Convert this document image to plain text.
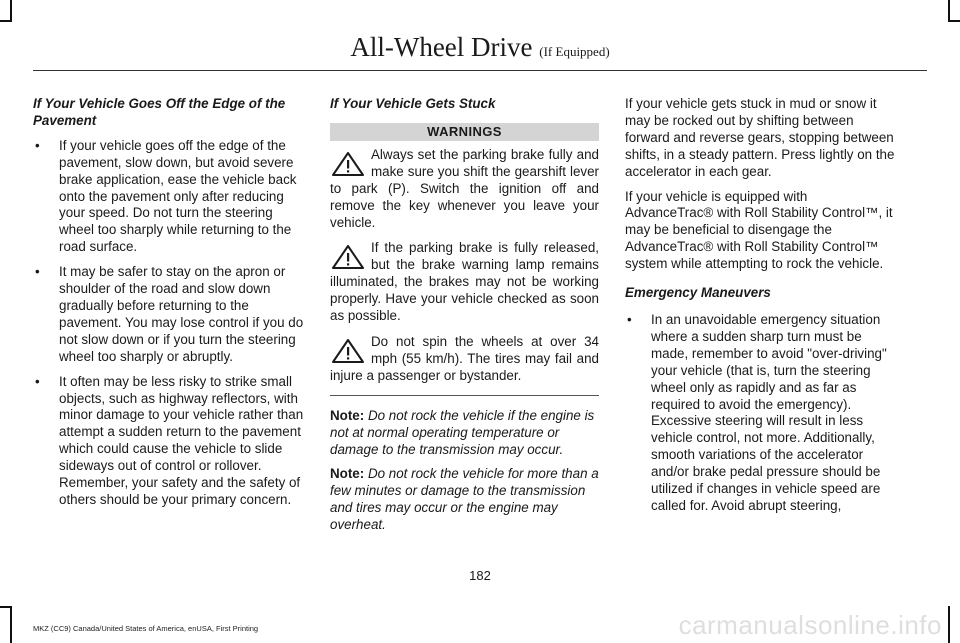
All-Wheel Drive (If Equipped)

If Your Vehicle Goes Off the Edge of the Pavement

• If your vehicle goes off the edge of the pavement, slow down, but avoid severe brake application, ease the vehicle back onto the pavement only after reducing your speed. Do not turn the steering wheel too sharply while returning to the road surface.
• It may be safer to stay on the apron or shoulder of the road and slow down gradually before returning to the pavement. You may lose control if you do not slow down or if you turn the steering wheel too sharply or abruptly.
• It often may be less risky to strike small objects, such as highway reflectors, with minor damage to your vehicle rather than attempt a sudden return to the pavement which could cause the vehicle to slide sideways out of control or rollover. Remember, your safety and the safety of others should be your primary concern.

If Your Vehicle Gets Stuck

WARNINGS
Always set the parking brake fully and make sure you shift the gearshift lever to park (P). Switch the ignition off and remove the key whenever you leave your vehicle.
If the parking brake is fully released, but the brake warning lamp remains illuminated, the brakes may not be working properly. Have your vehicle checked as soon as possible.
Do not spin the wheels at over 34 mph (55 km/h). The tires may fail and injure a passenger or bystander.

Note: Do not rock the vehicle if the engine is not at normal operating temperature or damage to the transmission may occur.

Note: Do not rock the vehicle for more than a few minutes or damage to the transmission and tires may occur or the engine may overheat.

If your vehicle gets stuck in mud or snow it may be rocked out by shifting between forward and reverse gears, stopping between shifts, in a steady pattern. Press lightly on the accelerator in each gear.

If your vehicle is equipped with AdvanceTrac® with Roll Stability Control™, it may be beneficial to disengage the AdvanceTrac® with Roll Stability Control™ system while attempting to rock the vehicle.

Emergency Maneuvers

• In an unavoidable emergency situation where a sudden sharp turn must be made, remember to avoid "over-driving" your vehicle (that is, turn the steering wheel only as rapidly and as far as required to avoid the emergency). Excessive steering will result in less vehicle control, not more. Additionally, smooth variations of the accelerator and/or brake pedal pressure should be utilized if changes in vehicle speed are called for. Avoid abrupt steering,
182
MKZ (CC9) Canada/United States of America, enUSA, First Printing	carmanualsonline.info
